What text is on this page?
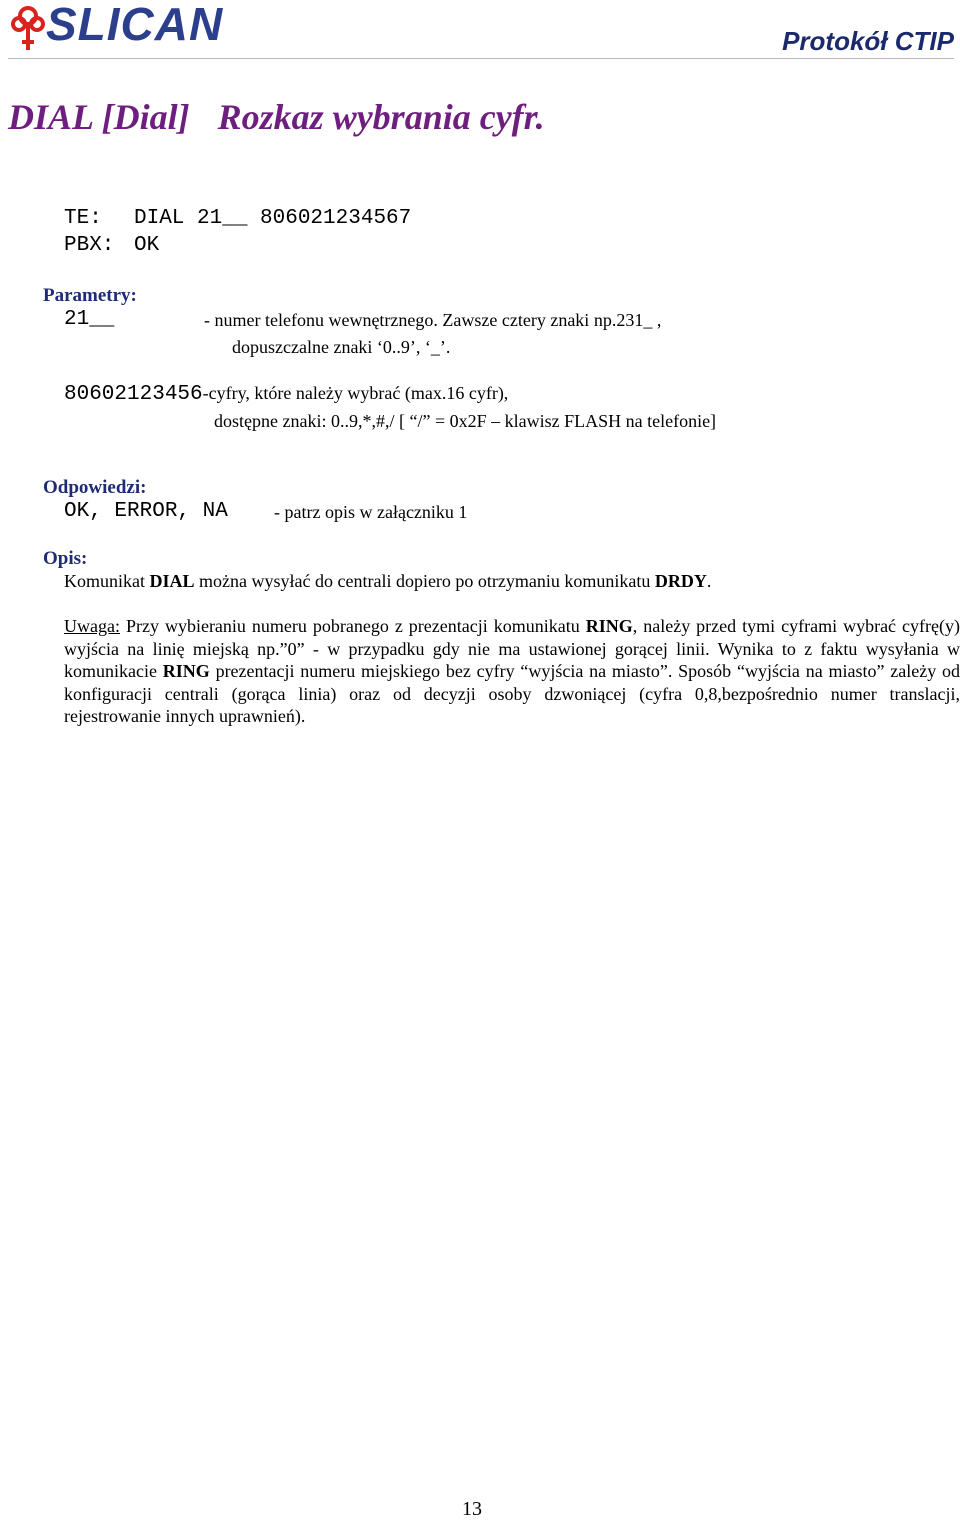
SLICAN	Protokół CTIP
DIAL [Dial] Rozkaz wybrania cyfr.
TE: DIAL 21__ 806021234567
PBX: OK
Parametry:
21__	- numer telefonu wewnętrznego. Zawsze cztery znaki np.231_ ,
dopuszczalne znaki ‘0..9’, ‘_’.
80602123456-cyfry, które należy wybrać (max.16 cyfr),
dostępne znaki: 0..9,*,#,/ [ “/” = 0x2F – klawisz FLASH na telefonie]
Odpowiedzi:
OK, ERROR, NA	- patrz opis w załączniku 1
Opis:
Komunikat DIAL można wysyłać do centrali dopiero po otrzymaniu komunikatu DRDY.
Uwaga: Przy wybieraniu numeru pobranego z prezentacji komunikatu RING, należy przed tymi cyframi wybrać cyfrę(y) wyjścia na linię miejską np.”0” - w przypadku gdy nie ma ustawionej gorącej linii. Wynika to z faktu wysyłania w komunikacie RING prezentacji numeru miejskiego bez cyfry “wyjścia na miasto”. Sposób “wyjścia na miasto” zależy od konfiguracji centrali (gorąca linia) oraz od decyzji osoby dzwoniącej (cyfra 0,8,bezpośrednio numer translacji, rejestrowanie innych uprawnień).
13
